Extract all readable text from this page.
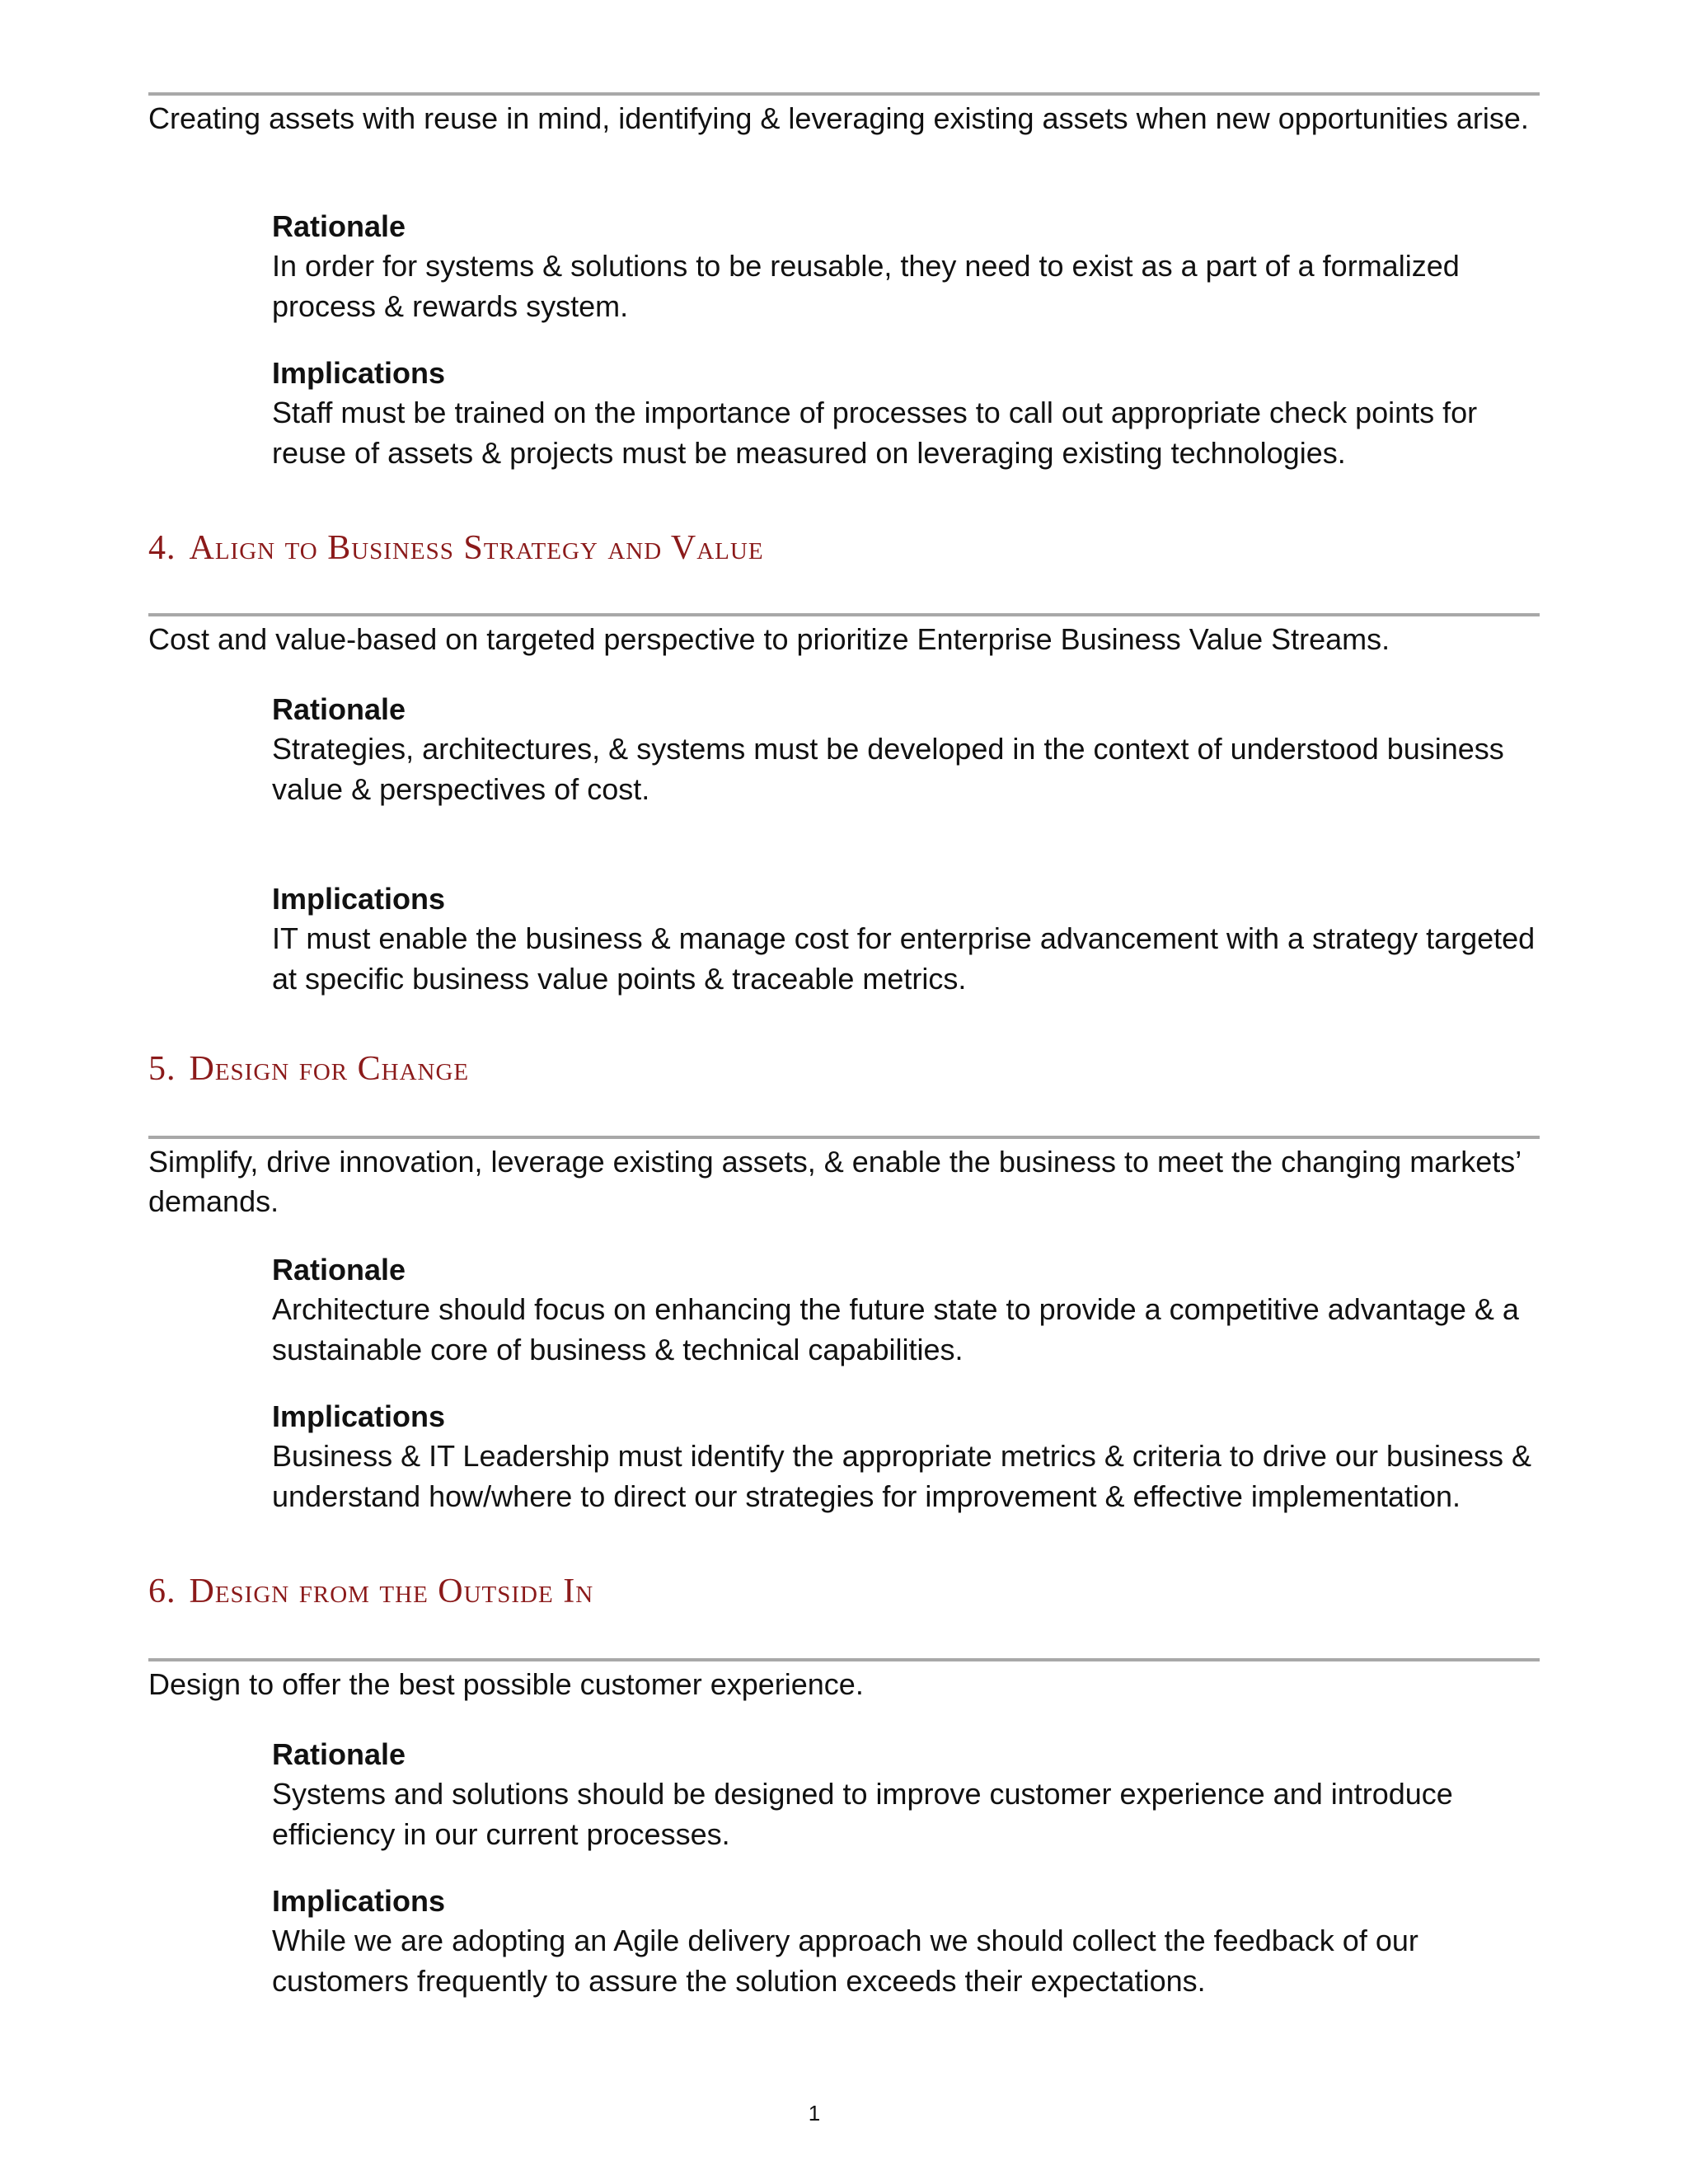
Creating assets with reuse in mind, identifying & leveraging existing assets when new opportunities arise.

Rationale

In order for systems & solutions to be reusable, they need to exist as a part of a formalized process & rewards system.

Implications

Staff must be trained on the importance of processes to call out appropriate check points for reuse of assets & projects must be measured on leveraging existing technologies.

4. Align to Business Strategy and Value

Cost and value-based on targeted perspective to prioritize Enterprise Business Value Streams.

Rationale

Strategies, architectures, & systems must be developed in the context of understood business value & perspectives of cost.

Implications

IT must enable the business & manage cost for enterprise advancement with a strategy targeted at specific business value points & traceable metrics.

5. Design for Change

Simplify, drive innovation, leverage existing assets, & enable the business to meet the changing markets’ demands.

Rationale

Architecture should focus on enhancing the future state to provide a competitive advantage & a sustainable core of business & technical capabilities.

Implications

Business & IT Leadership must identify the appropriate metrics & criteria to drive our business & understand how/where to direct our strategies for improvement & effective implementation.

6. Design from the Outside In

Design to offer the best possible customer experience.

Rationale

Systems and solutions should be designed to improve customer experience and introduce efficiency in our current processes.

Implications

While we are adopting an Agile delivery approach we should collect the feedback of our customers frequently to assure the solution exceeds their expectations.

1
